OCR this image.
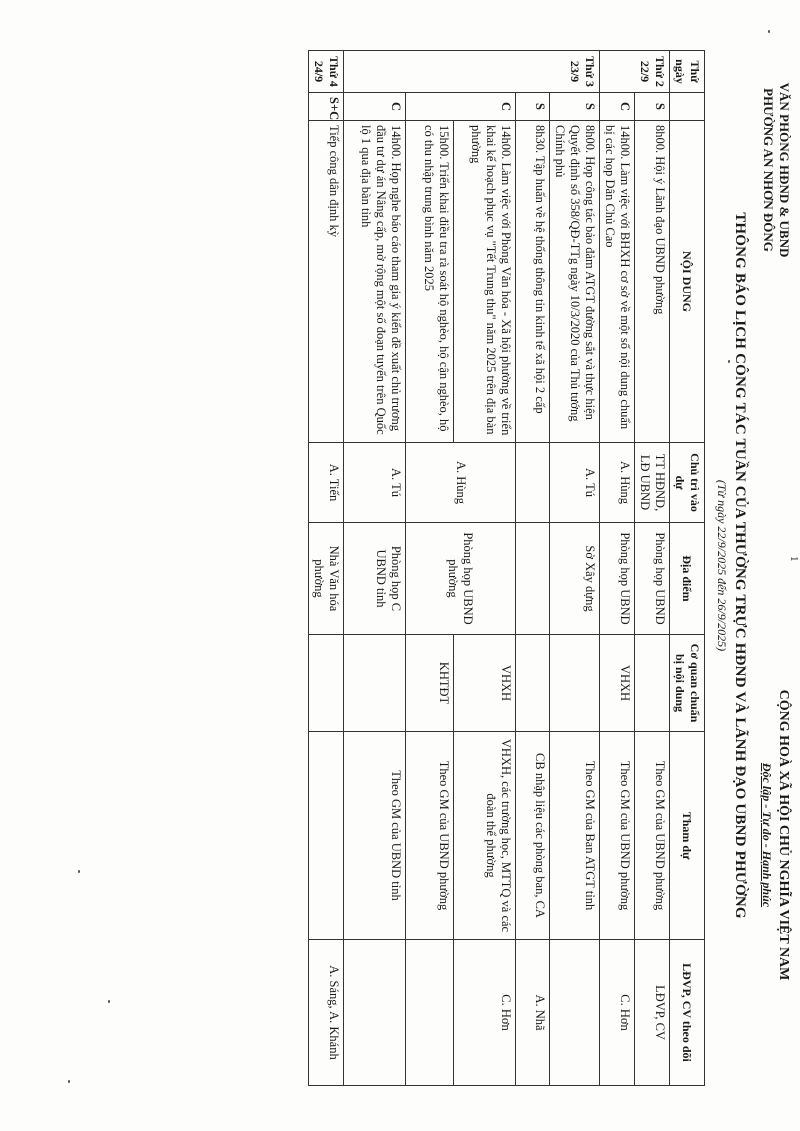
1
VĂN PHÒNG HĐND & UBND
PHƯỜNG AN NHƠN ĐÔNG
CỘNG HOÀ XÃ HỘI CHỦ NGHĨA VIỆT NAM
Độc lập - Tự do - Hạnh phúc
THÔNG BÁO LỊCH CÔNG TÁC TUẦN CỦA THƯỜNG TRỰC HĐND VÀ LÃNH ĐẠO UBND PHƯỜNG
(Từ ngày 22/9/2025 đến 26/9/2025)
Thứ ngày		NỘI DUNG	Chủ trì vào dự	Địa điểm	Cơ quan chuẩn bị nội dung	Tham dự	LĐVP, CV theo dõi
Thứ 2 22/9	S	8h00. Hội ý Lãnh đạo UBND phường	TT HĐND, LĐ UBND	Phòng họp UBND		Theo GM của UBND phường	LĐVP, CV
	C	14h00. Làm việc với BHXH cơ sở về một số nội dung chuẩn bị các họp Dân Chủ Cao	A. Hùng	Phòng họp UBND	VHXH	Theo GM của UBND phường	C. Hơn
Thứ 3 23/9	S	8h00. Họp công tác bảo đảm ATGT đường sắt và thực hiện Quyết định số 358/QĐ-TTg ngày 10/3/2020 của Thủ tướng Chính phủ	A. Tú	Sở Xây dựng		Theo GM của Ban ATGT tỉnh	
	S	8h30. Tập huấn về hệ thống thông tin kinh tế xã hội 2 cấp				CB nhập liệu các phòng ban, CA	A. Nhã
	C	14h00. Làm việc với Phòng Văn hóa - Xã hội phường về triển khai kế hoạch phục vụ "Tết Trung thu" năm 2025 trên địa bàn phường	A. Hùng	Phòng họp UBND phường	VHXH	VHXH, các trường học, MTTQ và các đoàn thể phường	C. Hơn
		15h00. Triển khai điều tra rà soát hộ nghèo, hộ cận nghèo, hộ có thu nhập trung bình năm 2025			KHTĐT	Theo GM của UBND phường	
	C	14h00. Họp nghe báo cáo tham gia ý kiến đề xuất chủ trương đầu tư dự án Nâng cấp, mở rộng một số đoạn tuyến trên Quốc lộ 1 qua địa bàn tỉnh	A. Tú	Phòng họp C UBND tỉnh		Theo GM của UBND tỉnh	
Thứ 4 24/9	S+C	Tiếp công dân định kỳ	A. Tiến	Nhà Văn hóa phường			A. Sáng, A. Khánh
